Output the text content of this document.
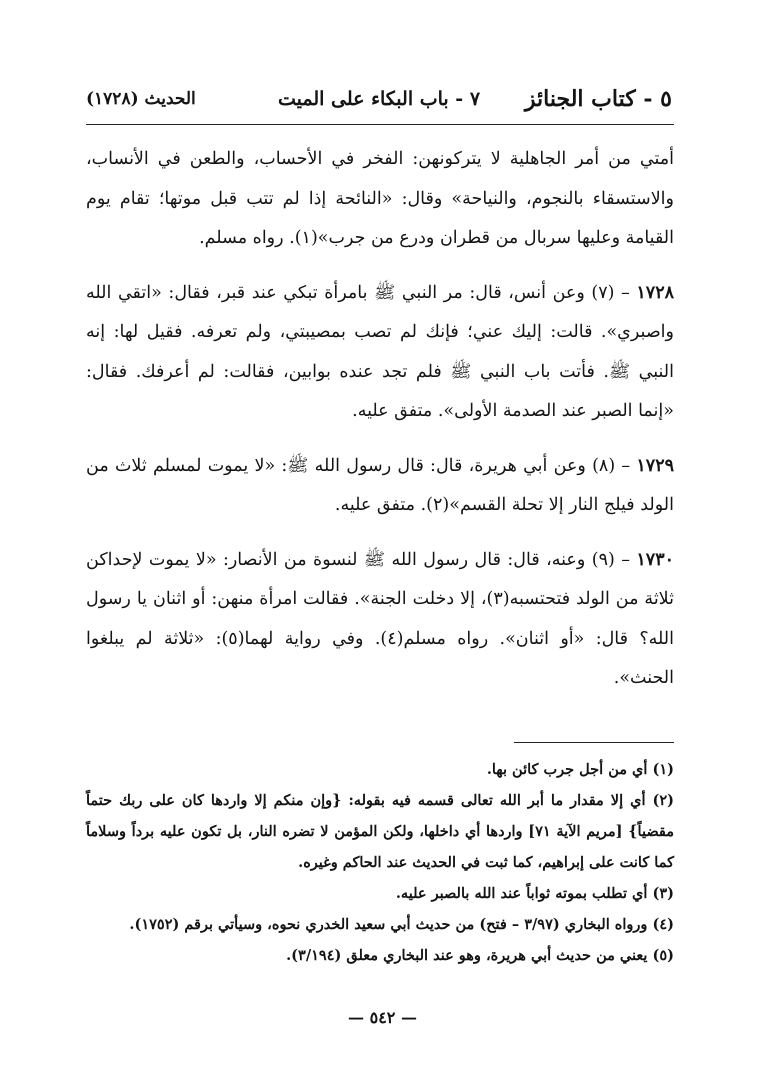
٥ - كتاب الجنائز
٧ - باب البكاء على الميت
الحديث (١٧٢٨)

أمتي من أمر الجاهلية لا يتركونهن: الفخر في الأحساب، والطعن في الأنساب، والاستسقاء بالنجوم، والنياحة» وقال: «النائحة إذا لم تتب قبل موتها؛ تقام يوم القيامة وعليها سربال من قطران ودرع من جرب»(١). رواه مسلم.

١٧٢٨ – (٧) وعن أنس، قال: مر النبي ﷺ بامرأة تبكي عند قبر، فقال: «اتقي الله واصبري». قالت: إليك عني؛ فإنك لم تصب بمصيبتي، ولم تعرفه. فقيل لها: إنه النبي ﷺ. فأتت باب النبي ﷺ فلم تجد عنده بوابين، فقالت: لم أعرفك. فقال: «إنما الصبر عند الصدمة الأولى». متفق عليه.

١٧٢٩ – (٨) وعن أبي هريرة، قال: قال رسول الله ﷺ: «لا يموت لمسلم ثلاث من الولد فيلج النار إلا تحلة القسم»(٢). متفق عليه.

١٧٣٠ – (٩) وعنه، قال: قال رسول الله ﷺ لنسوة من الأنصار: «لا يموت لإحداكن ثلاثة من الولد فتحتسبه(٣)، إلا دخلت الجنة». فقالت امرأة منهن: أو اثنان يا رسول الله؟ قال: «أو اثنان». رواه مسلم(٤). وفي رواية لهما(٥): «ثلاثة لم يبلغوا الحنث».

(١) أي من أجل جرب كائن بها.

(٢) أي إلا مقدار ما أبر الله تعالى قسمه فيه بقوله: {وإن منكم إلا واردها كان على ربك حتماً مقضياً} [مريم الآية ٧١] واردها أي داخلها، ولكن المؤمن لا تضره النار، بل تكون عليه برداً وسلاماً كما كانت على إبراهيم، كما ثبت في الحديث عند الحاكم وغيره.

(٣) أي تطلب بموته ثواباً عند الله بالصبر عليه.

(٤) ورواه البخاري (٣/٩٧ – فتح) من حديث أبي سعيد الخدري نحوه، وسيأتي برقم (١٧٥٢).

(٥) يعني من حديث أبي هريرة، وهو عند البخاري معلق (٣/١٩٤).

— ٥٤٢ —
